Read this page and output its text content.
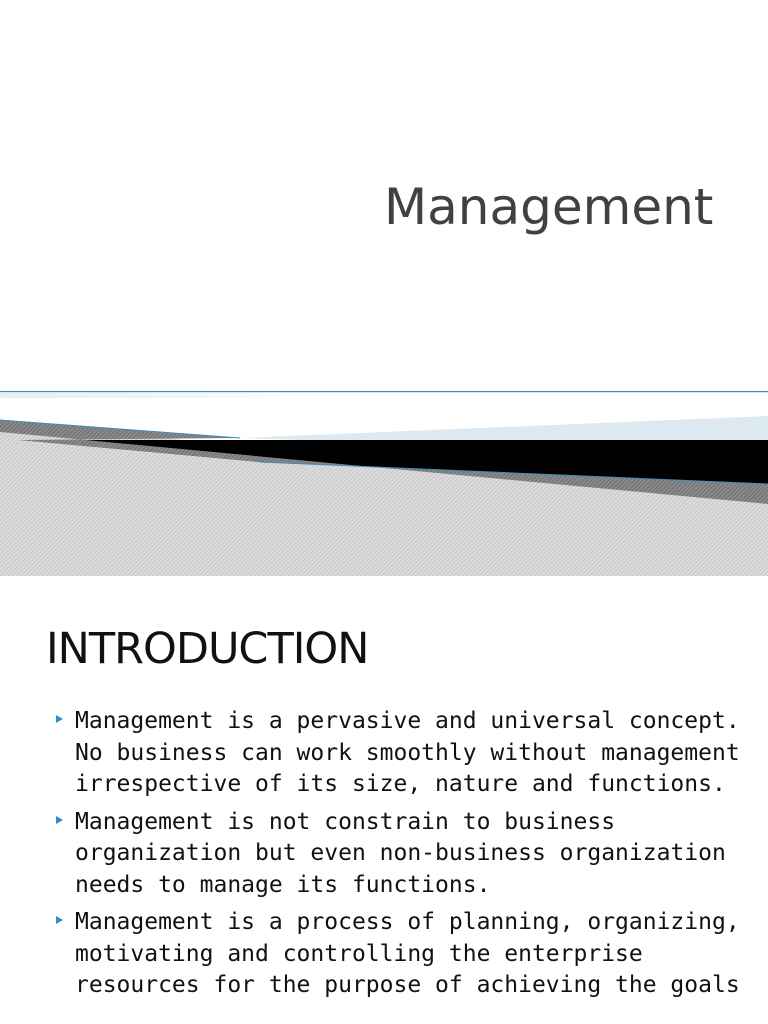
Management
INTRODUCTION
Management is a pervasive and universal concept. No business can work smoothly without management irrespective of its size, nature and functions.
Management is not constrain to business organization but even non-business organization needs to manage its functions.
Management is a process of planning, organizing, motivating and controlling the enterprise resources for the purpose of achieving the goals
